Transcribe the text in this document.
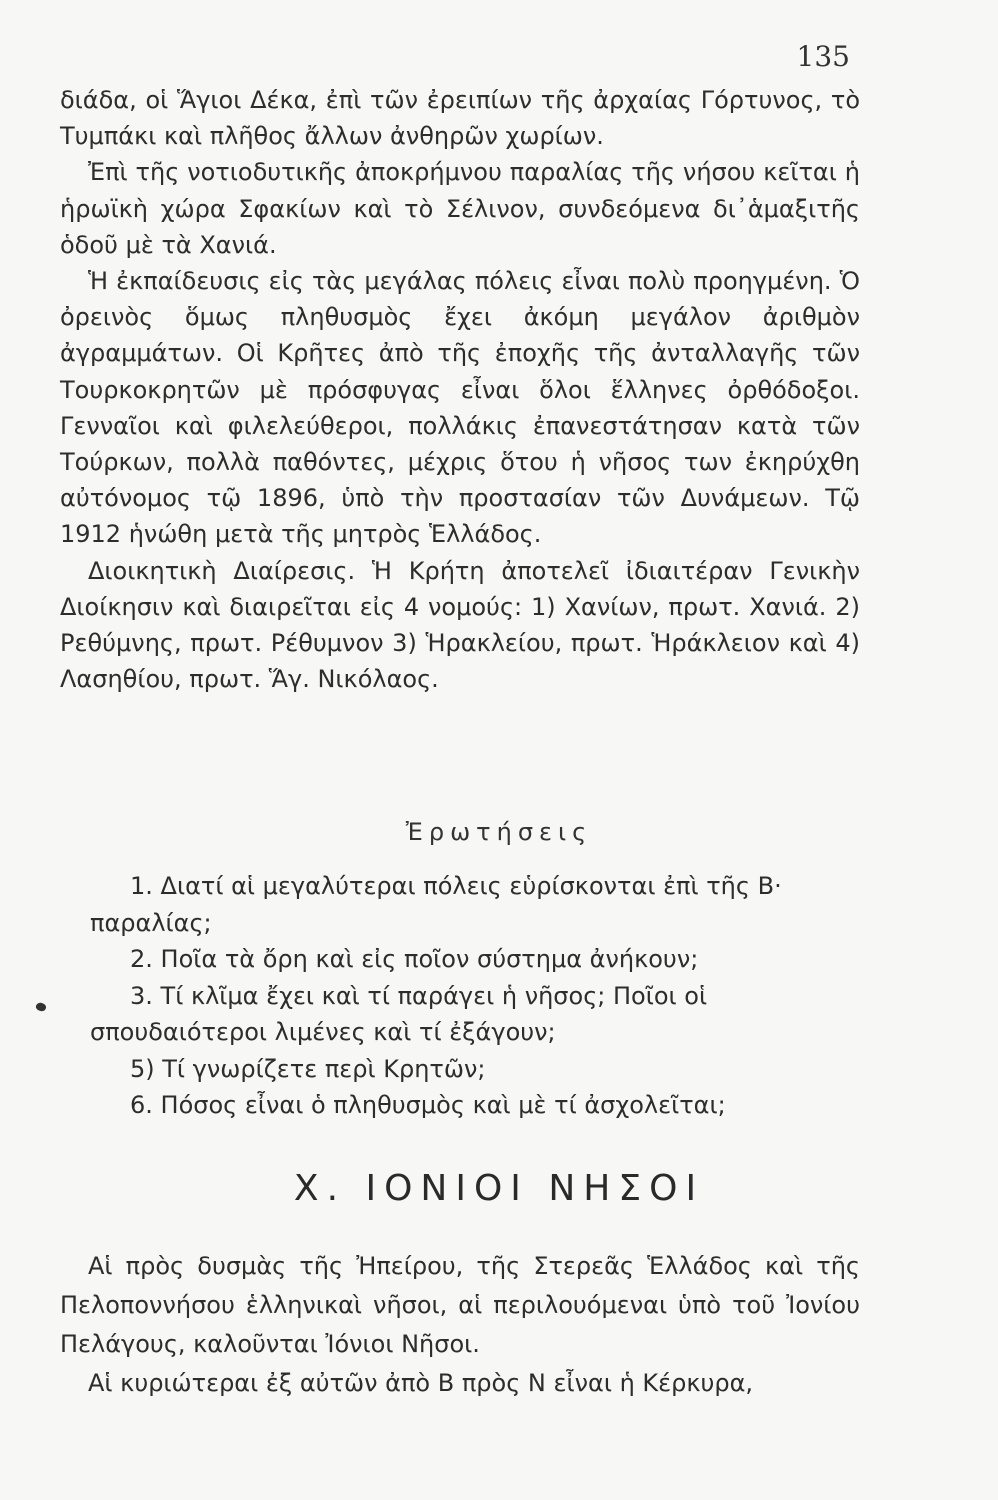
135

διάδα, οἱ Ἅγιοι Δέκα, ἐπὶ τῶν ἐρειπίων τῆς ἀρχαίας Γόρτυνος, τὸ Τυμπάκι καὶ πλῆθος ἄλλων ἀνθηρῶν χωρίων.

Ἐπὶ τῆς νοτιοδυτικῆς ἀποκρήμνου παραλίας τῆς νήσου κεῖται ἡ ἡρωϊκὴ χώρα Σφακίων καὶ τὸ Σέλινον, συνδεόμενα δι᾽ἁμαξιτῆς ὁδοῦ μὲ τὰ Χανιά.

Ἡ ἐκπαίδευσις εἰς τὰς μεγάλας πόλεις εἶναι πολὺ προηγμένη. Ὁ ὀρεινὸς ὅμως πληθυσμὸς ἔχει ἀκόμη μεγάλον ἀριθμὸν ἀγραμμάτων. Οἱ Κρῆτες ἀπὸ τῆς ἐποχῆς τῆς ἀνταλλαγῆς τῶν Τουρκοκρητῶν μὲ πρόσφυγας εἶναι ὅλοι ἕλληνες ὀρθόδοξοι. Γενναῖοι καὶ φιλελεύθεροι, πολλάκις ἐπανεστάτησαν κατὰ τῶν Τούρκων, πολλὰ παθόντες, μέχρις ὅτου ἡ νῆσος των ἐκηρύχθη αὐτόνομος τῷ 1896, ὑπὸ τὴν προστασίαν τῶν Δυνάμεων. Τῷ 1912 ἡνώθη μετὰ τῆς μητρὸς Ἑλλάδος.

Διοικητικὴ Διαίρεσις. Ἡ Κρήτη ἀποτελεῖ ἰδιαιτέραν Γενικὴν Διοίκησιν καὶ διαιρεῖται εἰς 4 νομούς: 1) Χανίων, πρωτ. Χανιά. 2) Ρεθύμνης, πρωτ. Ρέθυμνον 3) Ἡρακλείου, πρωτ. Ἡράκλειον καὶ 4) Λασηθίου, πρωτ. Ἅγ. Νικόλαος.

Ἐρωτήσεις

1. Διατί αἱ μεγαλύτεραι πόλεις εὑρίσκονται ἐπὶ τῆς Β· παραλίας;

2. Ποῖα τὰ ὄρη καὶ εἰς ποῖον σύστημα ἀνήκουν;

3. Τί κλῖμα ἔχει καὶ τί παράγει ἡ νῆσος; Ποῖοι οἱ σπουδαιότεροι λιμένες καὶ τί ἐξάγουν;

5) Τί γνωρίζετε περὶ Κρητῶν;

6. Πόσος εἶναι ὁ πληθυσμὸς καὶ μὲ τί ἀσχολεῖται;

Χ. ΙΟΝΙΟΙ ΝΗΣΟΙ

Αἱ πρὸς δυσμὰς τῆς Ἠπείρου, τῆς Στερεᾶς Ἑλλάδος καὶ τῆς Πελοποννήσου ἑλληνικαὶ νῆσοι, αἱ περιλουόμεναι ὑπὸ τοῦ Ἰονίου Πελάγους, καλοῦνται Ἰόνιοι Νῆσοι.

Αἱ κυριώτεραι ἐξ αὐτῶν ἀπὸ Β πρὸς Ν εἶναι ἡ Κέρκυρα,
